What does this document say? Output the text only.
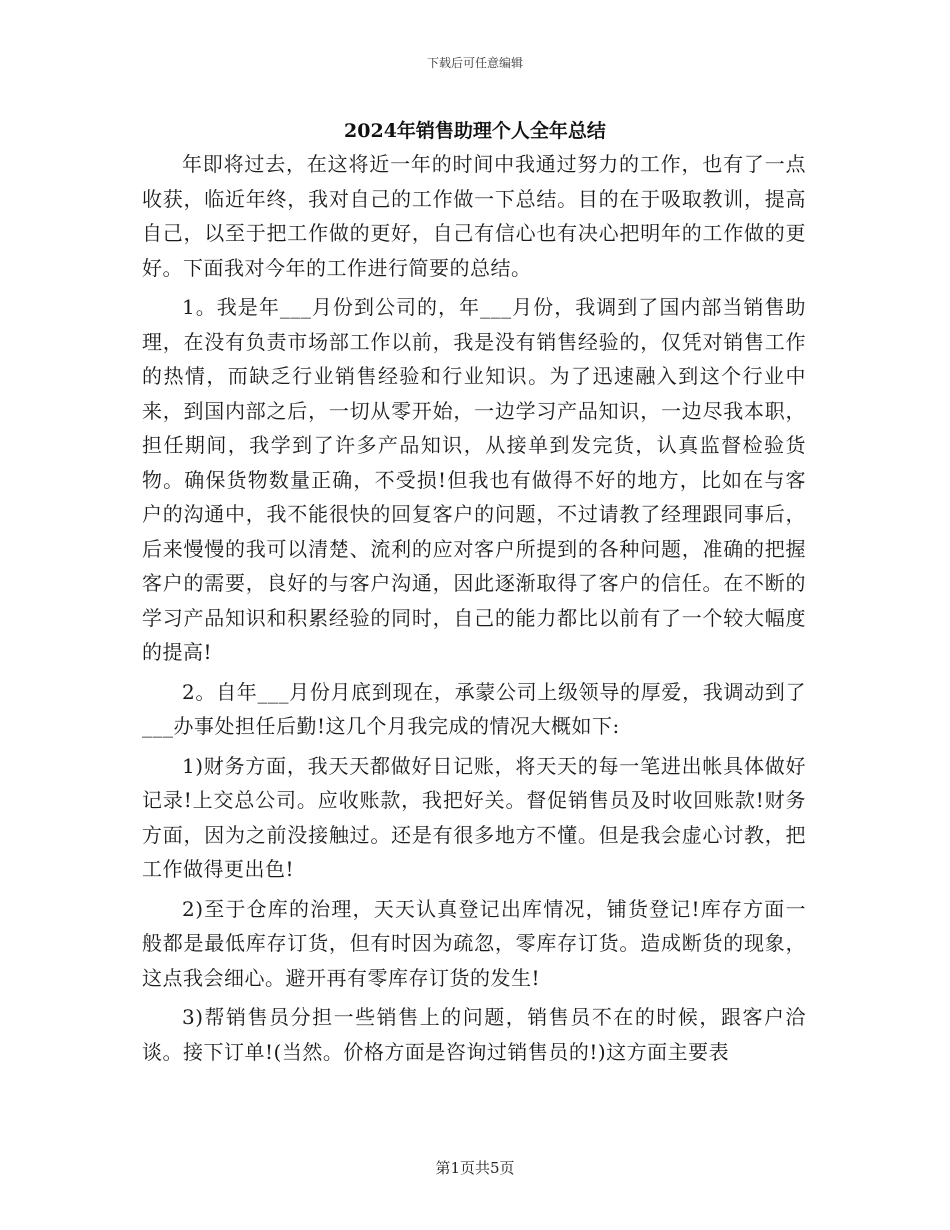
下载后可任意编辑
2024年销售助理个人全年总结

年即将过去，在这将近一年的时间中我通过努力的工作，也有了一点收获，临近年终，我对自己的工作做一下总结。目的在于吸取教训，提高自己，以至于把工作做的更好，自己有信心也有决心把明年的工作做的更好。下面我对今年的工作进行简要的总结。

1。我是年___月份到公司的，年___月份，我调到了国内部当销售助理，在没有负责市场部工作以前，我是没有销售经验的，仅凭对销售工作的热情，而缺乏行业销售经验和行业知识。为了迅速融入到这个行业中来，到国内部之后，一切从零开始，一边学习产品知识，一边尽我本职，担任期间，我学到了许多产品知识，从接单到发完货，认真监督检验货物。确保货物数量正确，不受损!但我也有做得不好的地方，比如在与客户的沟通中，我不能很快的回复客户的问题，不过请教了经理跟同事后，后来慢慢的我可以清楚、流利的应对客户所提到的各种问题，准确的把握客户的需要，良好的与客户沟通，因此逐渐取得了客户的信任。在不断的学习产品知识和积累经验的同时，自己的能力都比以前有了一个较大幅度的提高!

2。自年___月份月底到现在，承蒙公司上级领导的厚爱，我调动到了___办事处担任后勤!这几个月我完成的情况大概如下:

1)财务方面，我天天都做好日记账，将天天的每一笔进出帐具体做好记录!上交总公司。应收账款，我把好关。督促销售员及时收回账款!财务方面，因为之前没接触过。还是有很多地方不懂。但是我会虚心讨教，把工作做得更出色!

2)至于仓库的治理，天天认真登记出库情况，铺货登记!库存方面一般都是最低库存订货，但有时因为疏忽，零库存订货。造成断货的现象，这点我会细心。避开再有零库存订货的发生!

3)帮销售员分担一些销售上的问题，销售员不在的时候，跟客户洽谈。接下订单!(当然。价格方面是咨询过销售员的!)这方面主要表

第1页共5页
